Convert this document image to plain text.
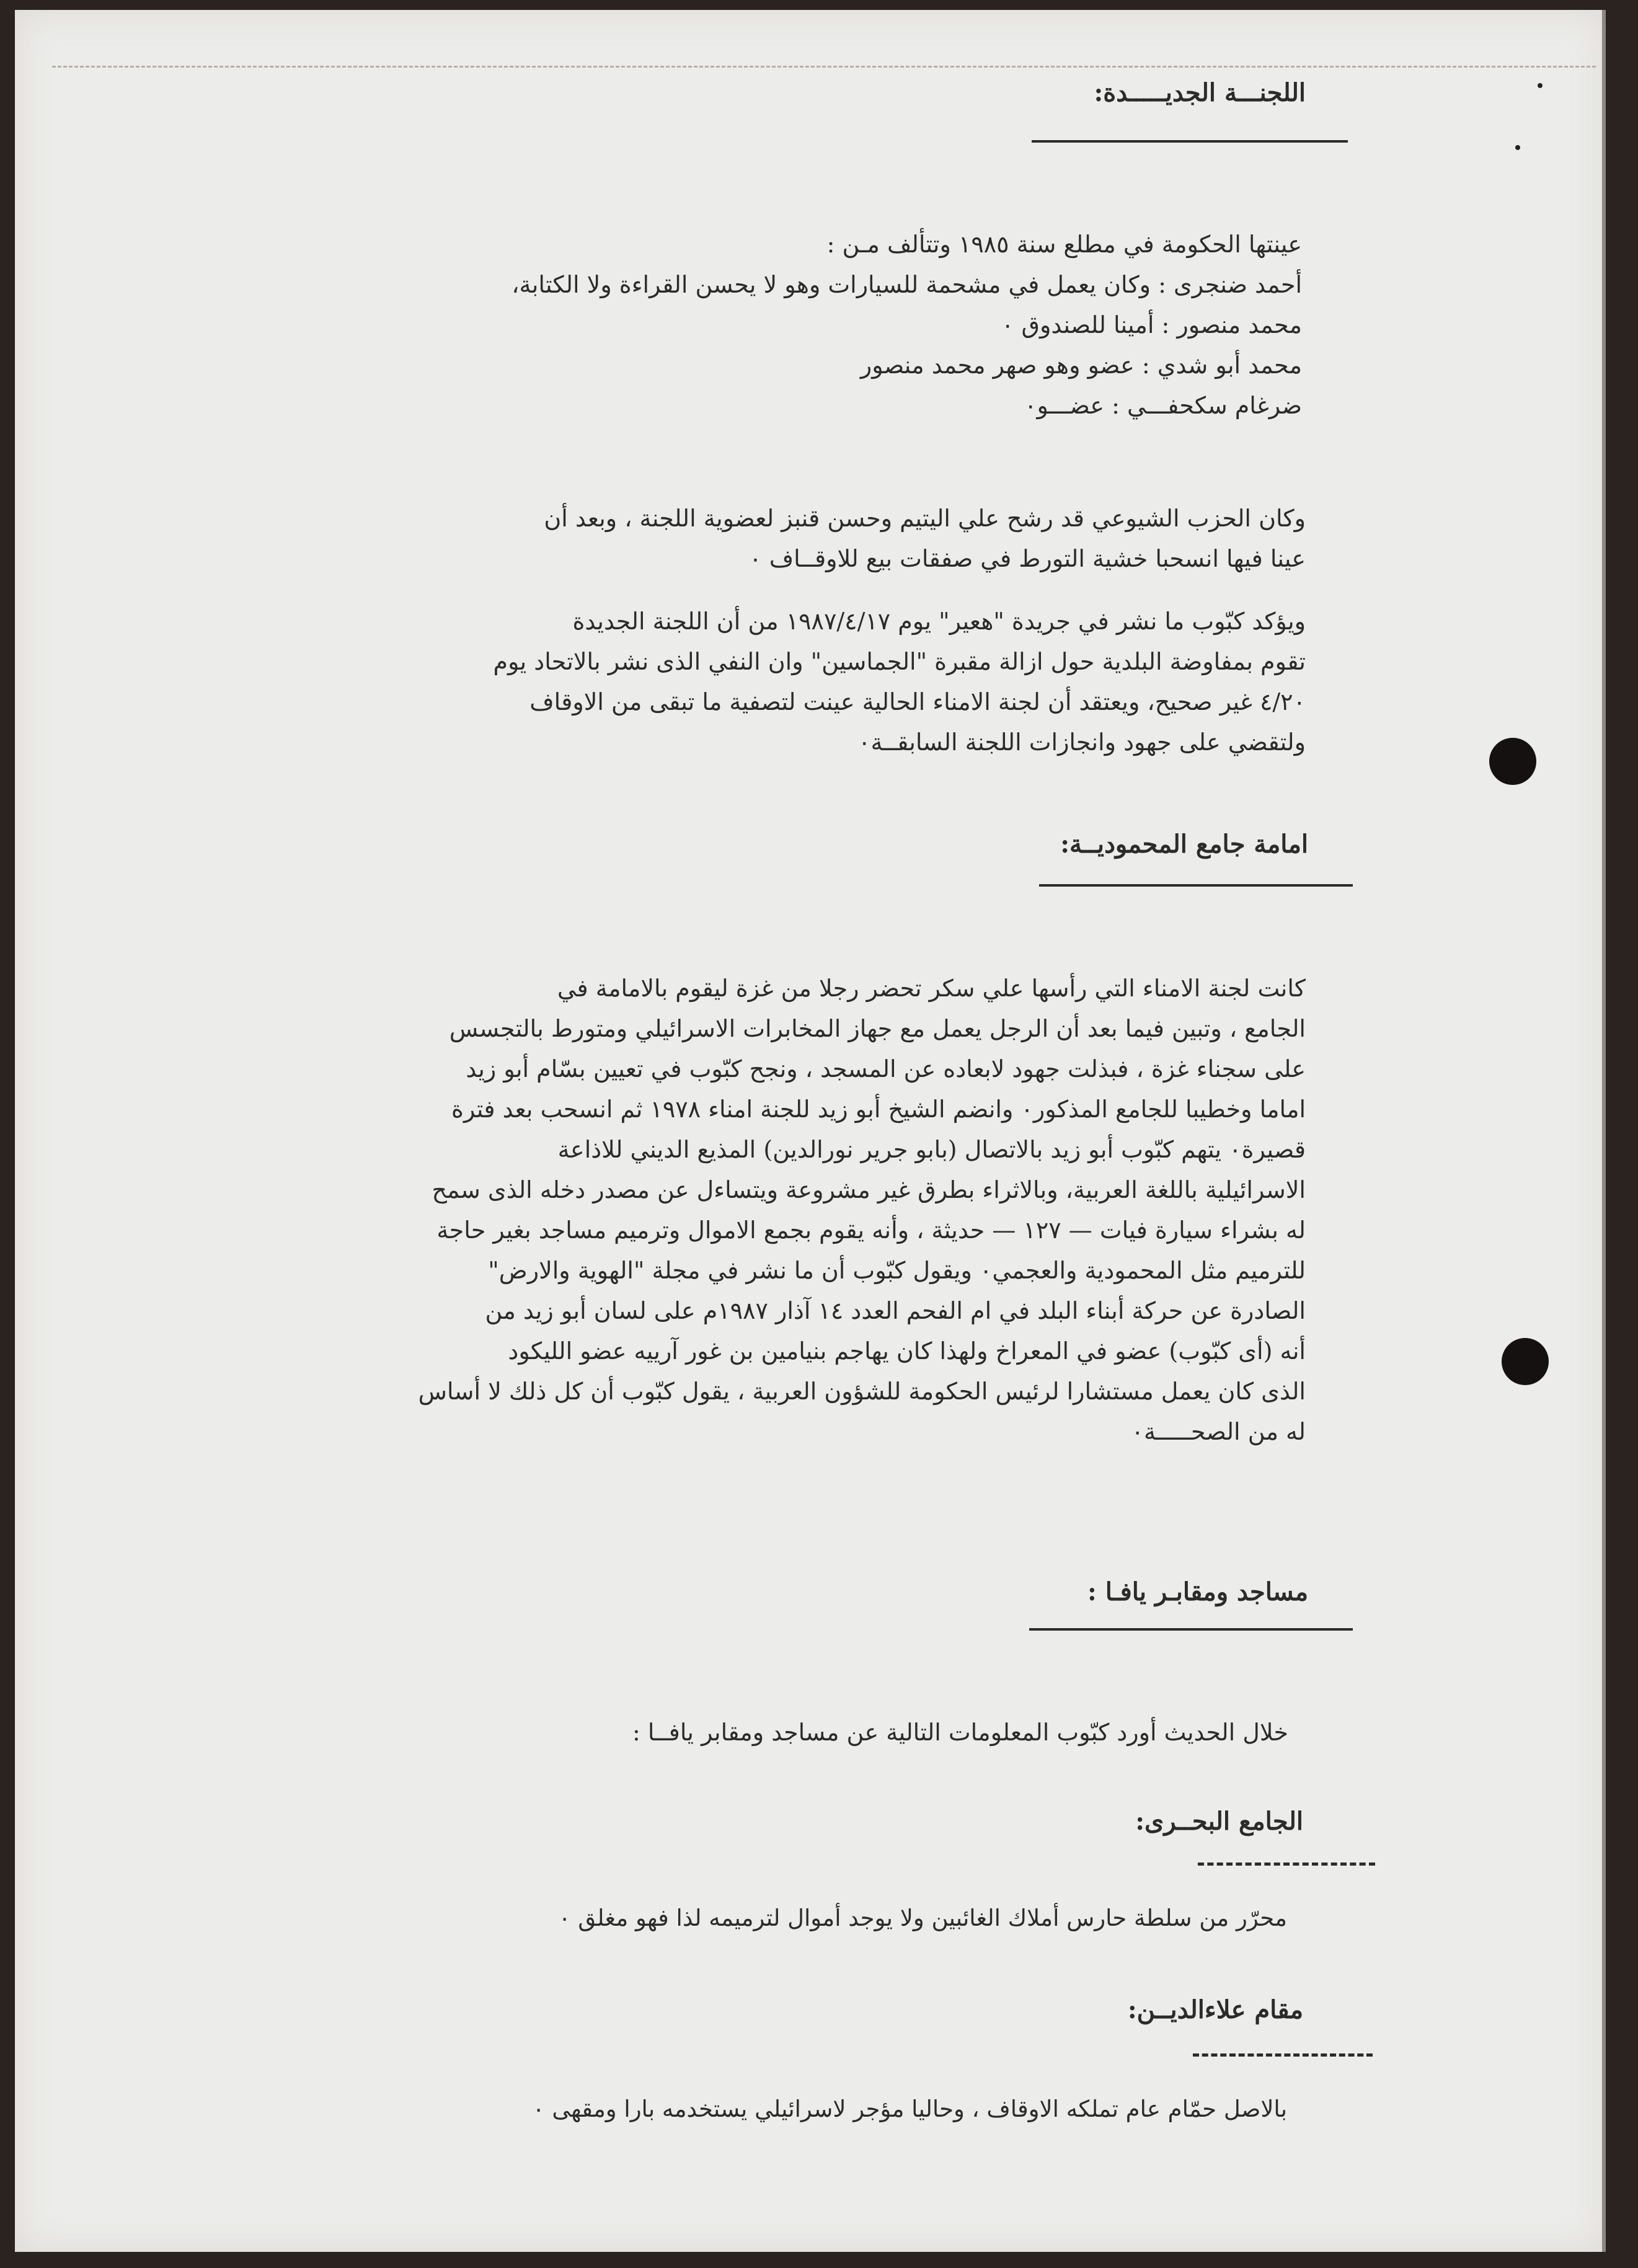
اللجنـــة الجديـــــدة:
عينتها الحكومة في مطلع سنة ١٩٨٥ وتتألف مـن :
أحمد ضنجرى : وكان يعمل في مشحمة للسيارات وهو لا يحسن القراءة ولا الكتابة،
محمد منصور : أمينا للصندوق ٠
محمد أبو شدي : عضو وهو صهر محمد منصور
ضرغام سكحفـــي : عضـــو٠
وكان الحزب الشيوعي قد رشح علي اليتيم وحسن قنبز لعضوية اللجنة ، وبعد أن
عينا فيها انسحبا خشية التورط في صفقات بيع للاوقــاف ٠
ويؤكد كبّوب ما نشر في جريدة "هعير" يوم ١٩٨٧/٤/١٧ من أن اللجنة الجديدة
تقوم بمفاوضة البلدية حول ازالة مقبرة "الجماسين" وان النفي الذى نشر بالاتحاد يوم
٤/٢٠ غير صحيح، ويعتقد أن لجنة الامناء الحالية عينت لتصفية ما تبقى من الاوقاف
ولتقضي على جهود وانجازات اللجنة السابقــة٠
امامة جامع المحموديــة:
كانت لجنة الامناء التي رأسها علي سكر تحضر رجلا من غزة ليقوم بالامامة في
الجامع ، وتبين فيما بعد أن الرجل يعمل مع جهاز المخابرات الاسرائيلي ومتورط بالتجسس
على سجناء غزة ، فبذلت جهود لابعاده عن المسجد ، ونجح كبّوب في تعيين بسّام أبو زيد
اماما وخطيبا للجامع المذكور٠ وانضم الشيخ أبو زيد للجنة امناء ١٩٧٨ ثم انسحب بعد فترة
قصيرة٠ يتهم كبّوب أبو زيد بالاتصال (بابو جرير نورالدين) المذيع الديني للاذاعة
الاسرائيلية باللغة العربية، وبالاثراء بطرق غير مشروعة ويتساءل عن مصدر دخله الذى سمح
له بشراء سيارة فيات — ١٢٧ — حديثة ، وأنه يقوم بجمع الاموال وترميم مساجد بغير حاجة
للترميم مثل المحمودية والعجمي٠ ويقول كبّوب أن ما نشر في مجلة "الهوية والارض"
الصادرة عن حركة أبناء البلد في ام الفحم العدد ١٤ آذار ١٩٨٧م على لسان أبو زيد من
أنه (أى كبّوب) عضو في المعراخ ولهذا كان يهاجم بنيامين بن غور آرييه عضو الليكود
الذى كان يعمل مستشارا لرئيس الحكومة للشؤون العربية ، يقول كبّوب أن كل ذلك لا أساس
له من الصحـــــة٠
مساجد ومقابـر يافـا :
خلال الحديث أورد كبّوب المعلومات التالية عن مساجد ومقابر يافــا :
الجامع البحــرى:
محرّر من سلطة حارس أملاك الغائبين ولا يوجد أموال لترميمه لذا فهو مغلق ٠
مقام علاءالديــن:
بالاصل حمّام عام تملكه الاوقاف ، وحاليا مؤجر لاسرائيلي يستخدمه بارا ومقهى ٠
